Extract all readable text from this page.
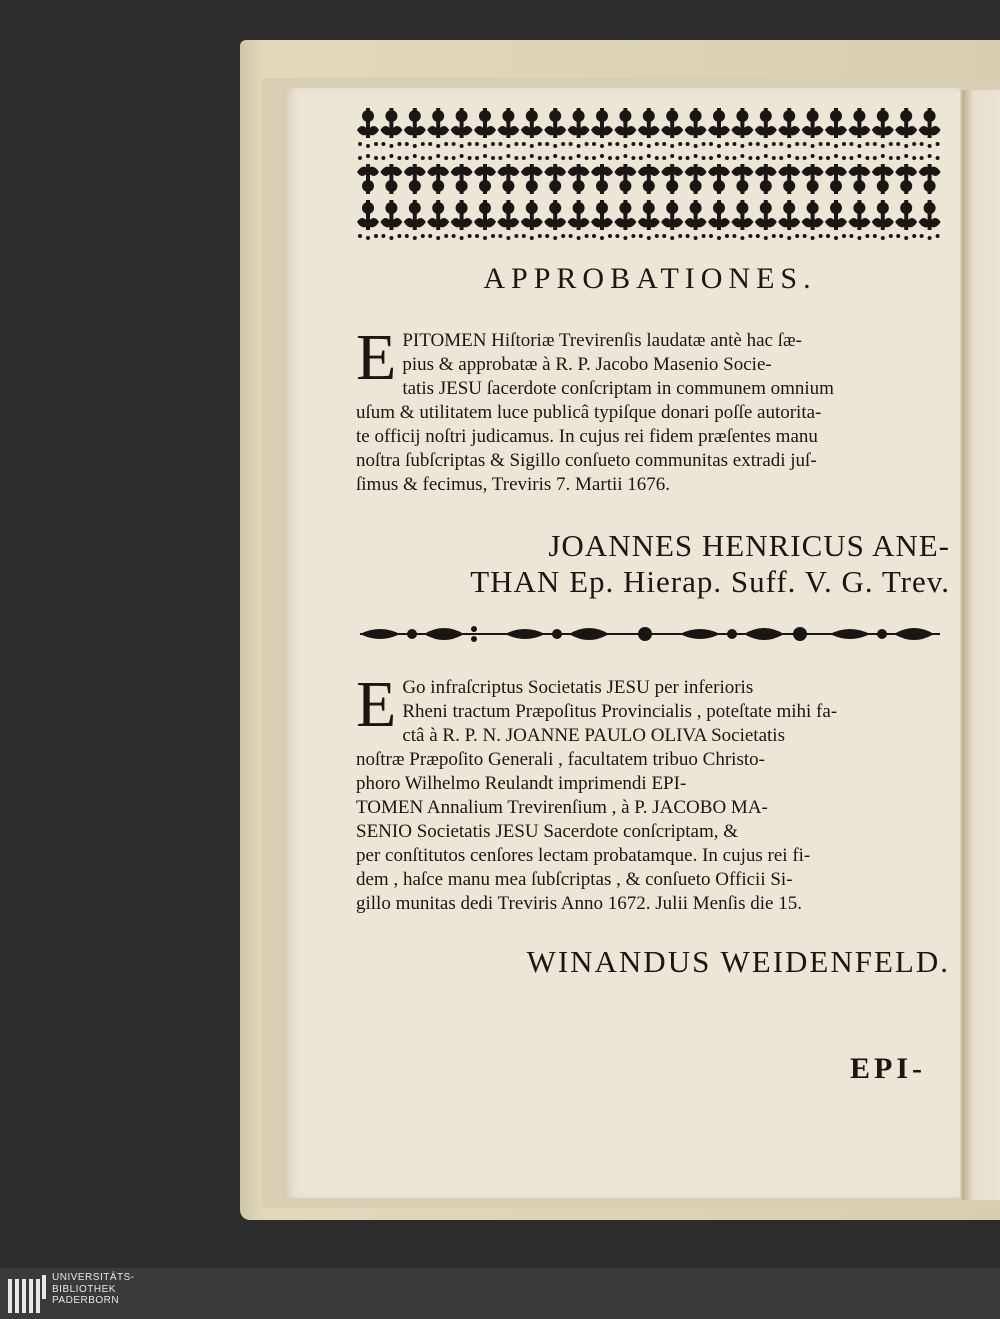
APPROBATIONES.
E PITOMEN Hiſtoriæ Trevirenſis laudatæ antè hac ſæ-
pius & approbatæ à R. P. Jacobo Masenio Socie-
tatis JESU ſacerdote conſcriptam in communem omnium
uſum & utilitatem luce publicâ typiſque donari poſſe autorita-
te officij noſtri judicamus. In cujus rei fidem præſentes manu
noſtra ſubſcriptas & Sigillo conſueto communitas extradi juſ-
ſimus & fecimus, Treviris 7. Martii 1676.
JOANNES HENRICUS ANE-
THAN Ep. Hierap. Suff. V. G. Trev.
E Go infraſcriptus Societatis JESU per inferioris
Rheni tractum Præpoſitus Provincialis , poteſtate mihi fa-
ctâ à R. P. N. JOANNE PAULO OLIVA Societatis
noſtræ Præpoſito Generali , facultatem tribuo Christo-
phoro Wilhelmo Reulandt imprimendi EPI-
TOMEN Annalium Trevirenſium , à P. JACOBO MA-
SENIO Societatis JESU Sacerdote conſcriptam, &
per conſtitutos cenſores lectam probatamque. In cujus rei fi-
dem , haſce manu mea ſubſcriptas , & conſueto Officii Si-
gillo munitas dedi Treviris Anno 1672. Julii Menſis die 15.
WINANDUS WEIDENFELD.
EPI-
UNIVERSITÄTS-
BIBLIOTHEK
PADERBORN
